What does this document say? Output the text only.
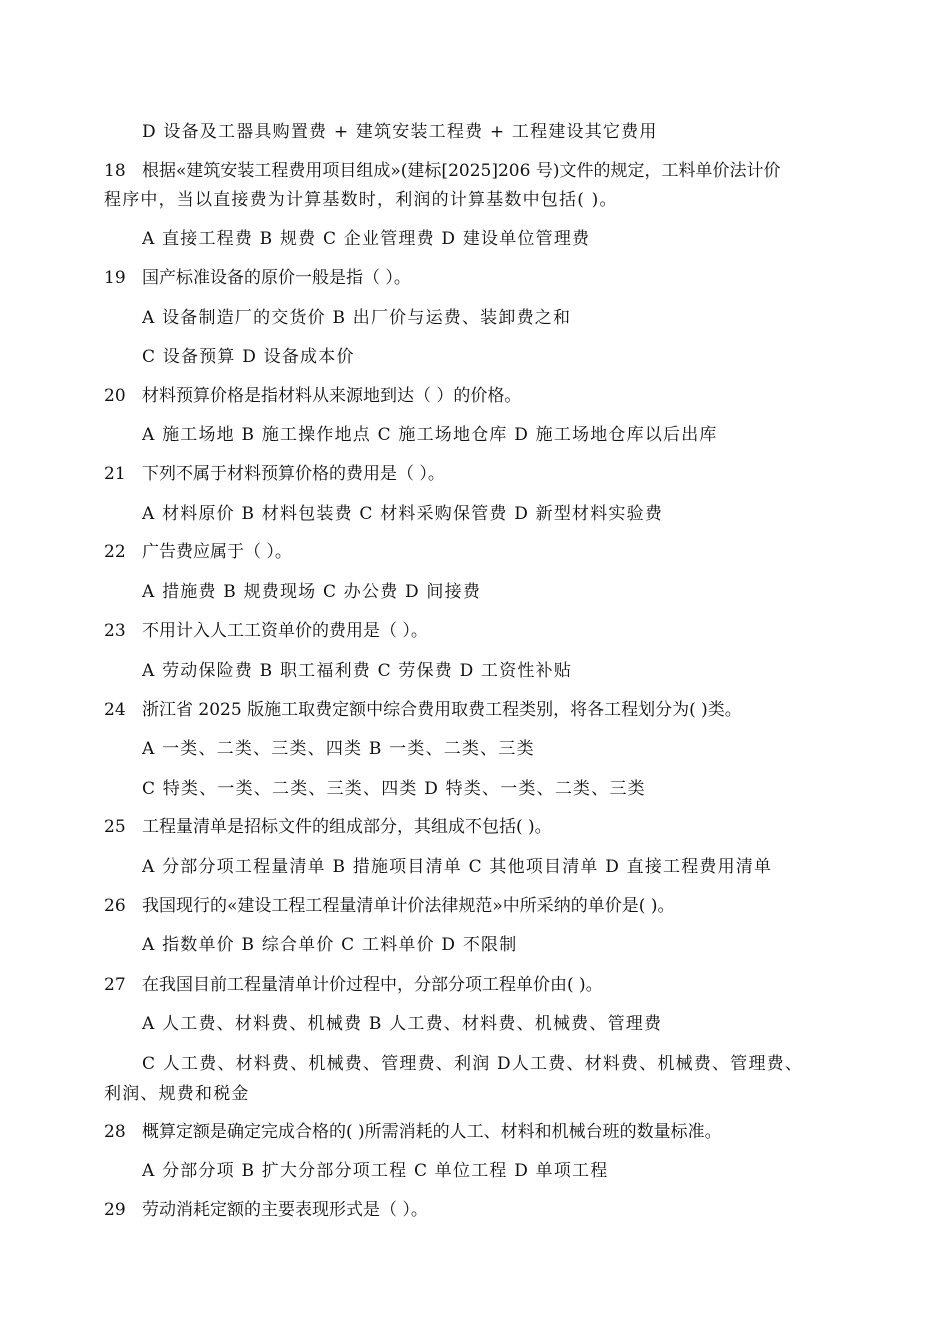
D 设备及工器具购置费 + 建筑安装工程费 + 工程建设其它费用
18 根据«建筑安装工程费用项目组成»(建标[2025]206 号)文件的规定，工料单价法计价
程序中，当以直接费为计算基数时，利润的计算基数中包括( )。
A 直接工程费 B 规费 C 企业管理费 D 建设单位管理费
19 国产标准设备的原价一般是指（ ）。
A 设备制造厂的交货价 B 出厂价与运费、装卸费之和
C 设备预算 D 设备成本价
20 材料预算价格是指材料从来源地到达（ ）的价格。
A 施工场地 B 施工操作地点 C 施工场地仓库 D 施工场地仓库以后出库
21 下列不属于材料预算价格的费用是（ ）。
A 材料原价 B 材料包装费 C 材料采购保管费 D 新型材料实验费
22 广告费应属于（ ）。
A 措施费 B 规费现场 C 办公费 D 间接费
23 不用计入人工工资单价的费用是（ ）。
A 劳动保险费 B 职工福利费 C 劳保费 D 工资性补贴
24 浙江省 2025 版施工取费定额中综合费用取费工程类别，将各工程划分为( )类。
A 一类、二类、三类、四类 B 一类、二类、三类
C 特类、一类、二类、三类、四类 D 特类、一类、二类、三类
25 工程量清单是招标文件的组成部分，其组成不包括( )。
A 分部分项工程量清单 B 措施项目清单 C 其他项目清单 D 直接工程费用清单
26 我国现行的«建设工程工程量清单计价法律规范»中所采纳的单价是( )。
A 指数单价 B 综合单价 C 工料单价 D 不限制
27 在我国目前工程量清单计价过程中，分部分项工程单价由( )。
A 人工费、材料费、机械费 B 人工费、材料费、机械费、管理费
C 人工费、材料费、机械费、管理费、利润 D人工费、材料费、机械费、管理费、
利润、规费和税金
28 概算定额是确定完成合格的( )所需消耗的人工、材料和机械台班的数量标准。
A 分部分项 B 扩大分部分项工程 C 单位工程 D 单项工程
29 劳动消耗定额的主要表现形式是（ ）。
